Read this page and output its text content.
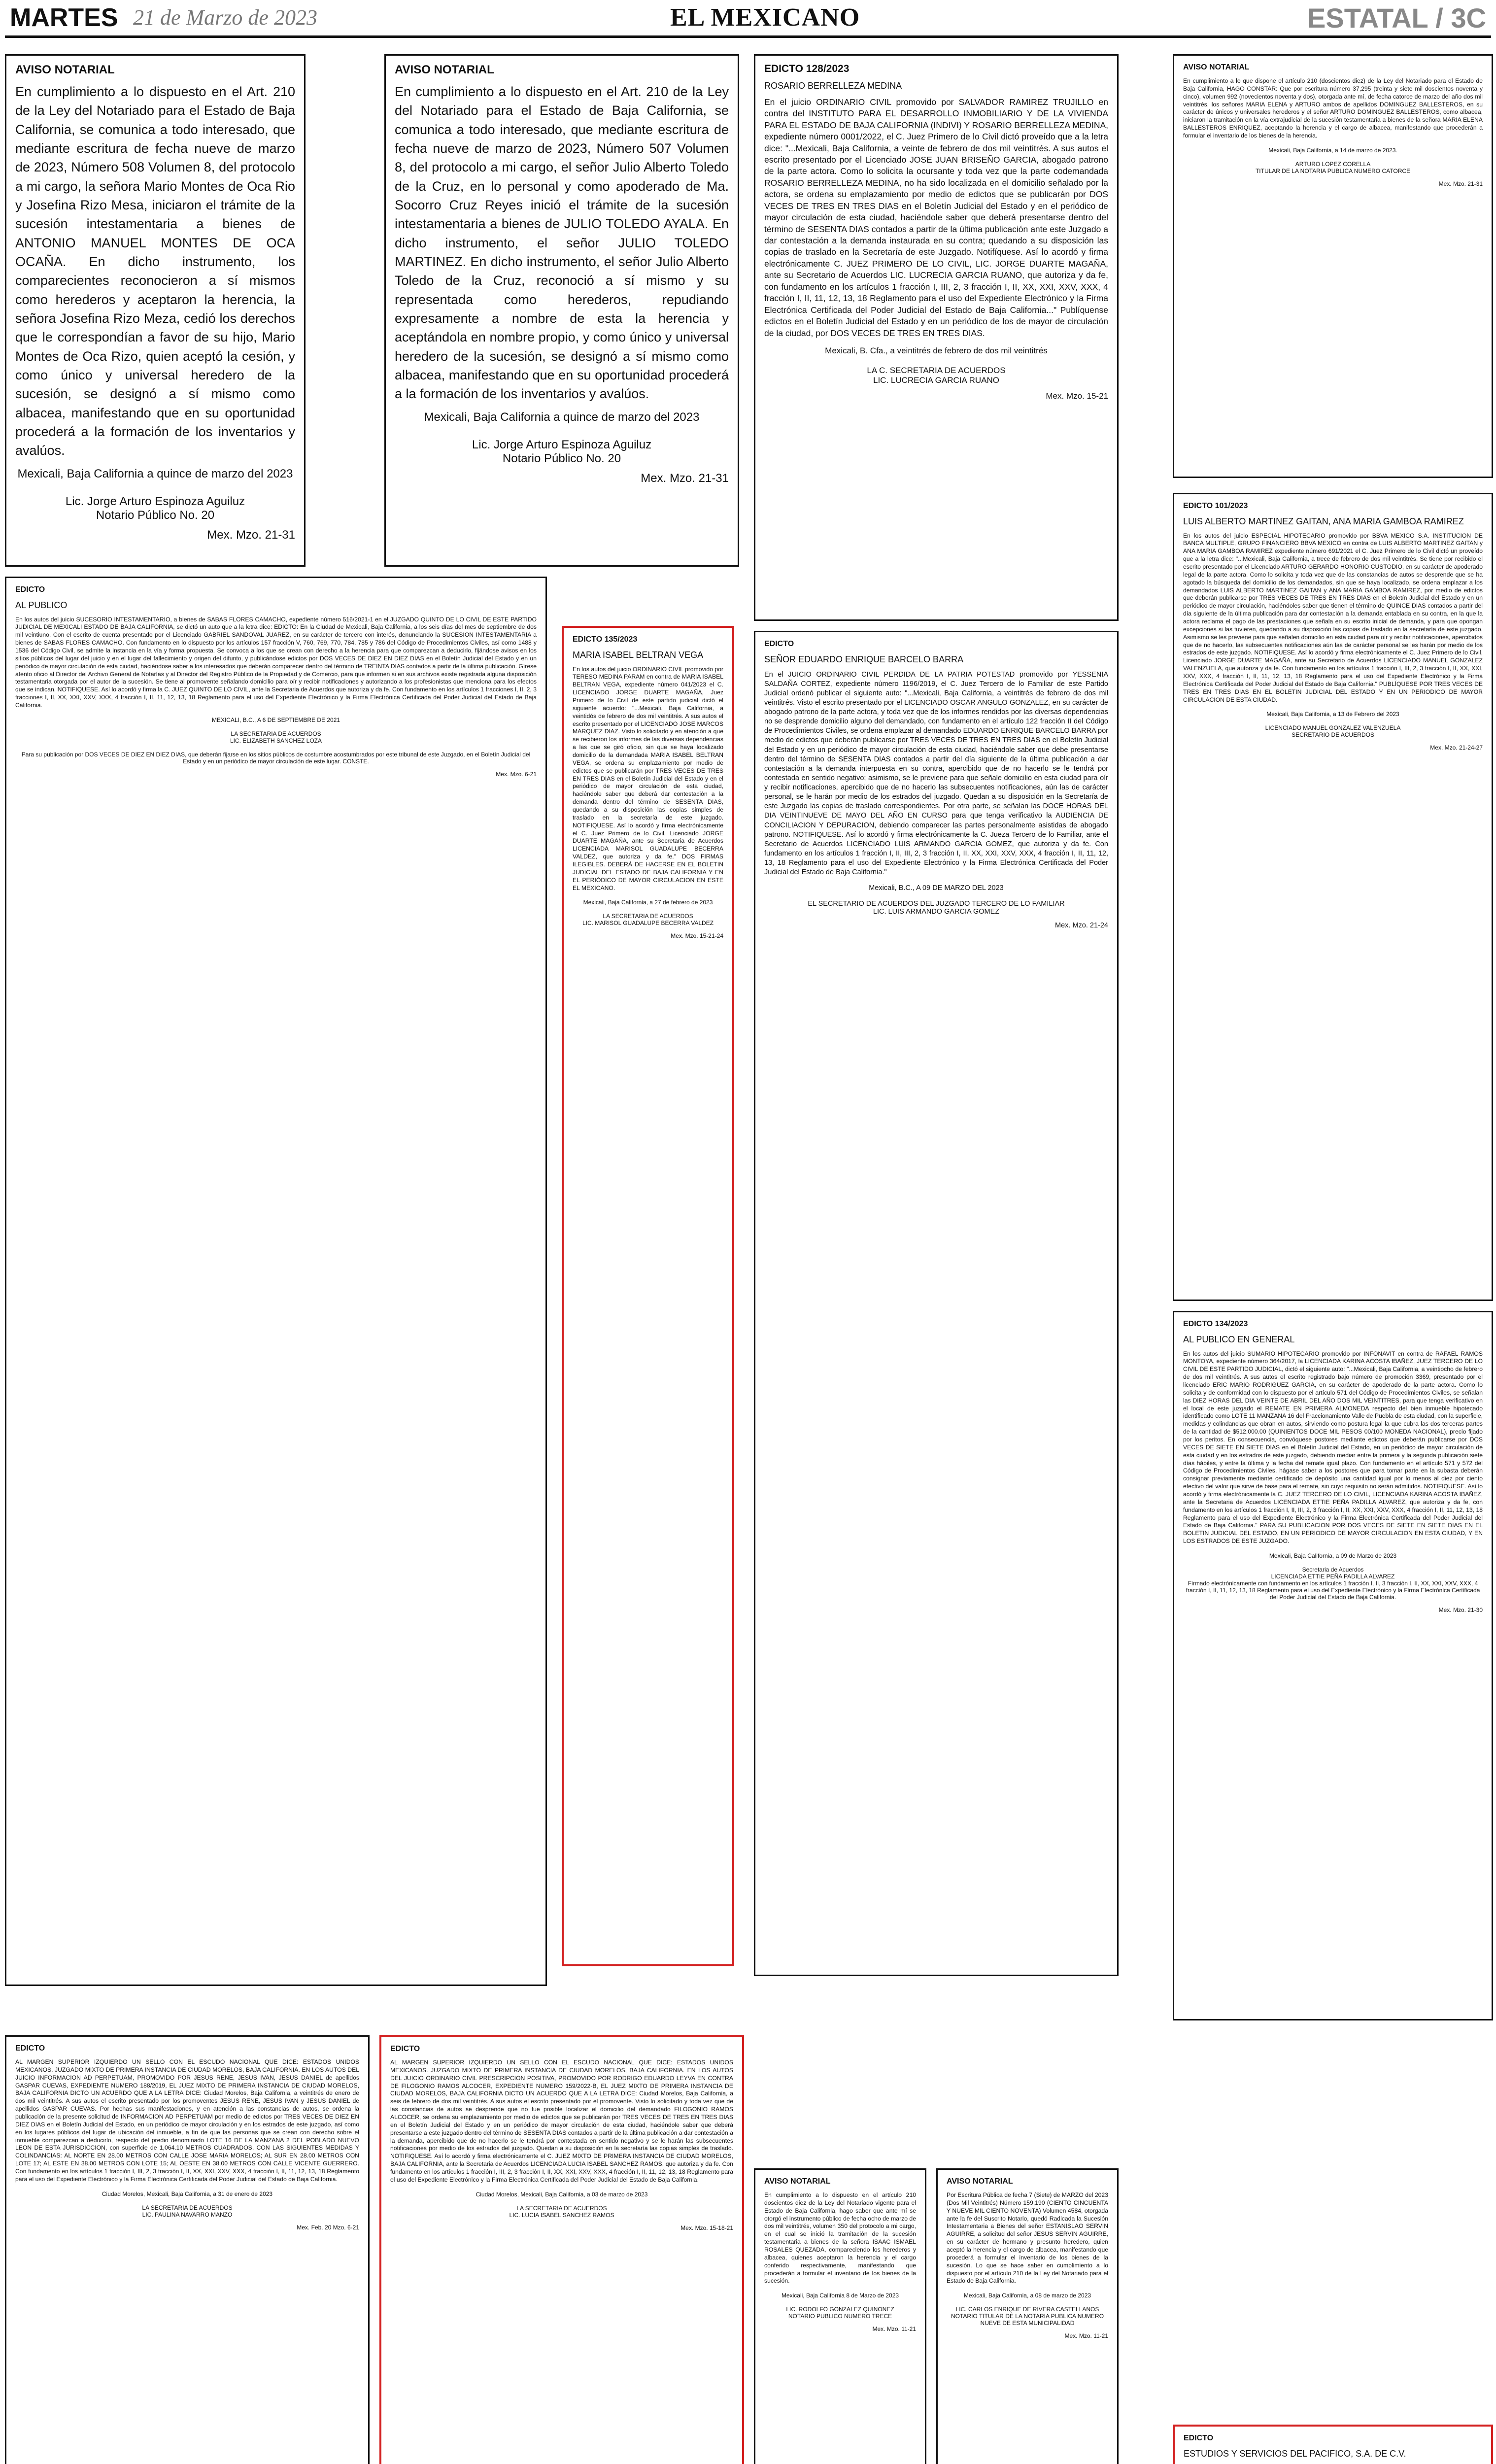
MARTES 21 de Marzo de 2023	EL MEXICANO	ESTATAL / 3C
AVISO NOTARIAL
En cumplimiento a lo dispuesto en el Art. 210 de la Ley del Notariado para el Estado de Baja California, se comunica a todo interesado, que mediante escritura de fecha nueve de marzo de 2023, Número 508 Volumen 8, del protocolo a mi cargo, la señora Mario Montes de Oca Rio y Josefina Rizo Mesa, iniciaron el trámite de la sucesión intestamentaria a bienes de ANTONIO MANUEL MONTES DE OCA OCAÑA. En dicho instrumento, los comparecientes reconocieron a sí mismos como herederos y aceptaron la herencia, la señora Josefina Rizo Meza, cedió los derechos que le correspondían a favor de su hijo, Mario Montes de Oca Rizo, quien aceptó la cesión, y como único y universal heredero de la sucesión, se designó a sí mismo como albacea, manifestando que en su oportunidad procederá a la formación de los inventarios y avalúos.
Mexicali, Baja California a quince de marzo del 2023

Lic. Jorge Arturo Espinoza Aguiluz
Notario Público No. 20
Mex. Mzo. 21-31
AVISO NOTARIAL
En cumplimiento a lo dispuesto en el Art. 210 de la Ley del Notariado para el Estado de Baja California, se comunica a todo interesado, que mediante escritura de fecha nueve de marzo de 2023, Número 507 Volumen 8, del protocolo a mi cargo, el señor Julio Alberto Toledo de la Cruz, en lo personal y como apoderado de Ma. Socorro Cruz Reyes inició el trámite de la sucesión intestamentaria a bienes de JULIO TOLEDO AYALA. En dicho instrumento, el señor JULIO TOLEDO MARTINEZ. En dicho instrumento, el señor Julio Alberto Toledo de la Cruz, reconoció a sí mismo y su representada como herederos, repudiando expresamente a nombre de esta la herencia y aceptándola en nombre propio, y como único y universal heredero de la sucesión, se designó a sí mismo como albacea, manifestando que en su oportunidad procederá a la formación de los inventarios y avalúos.
Mexicali, Baja California a quince de marzo del 2023

Lic. Jorge Arturo Espinoza Aguiluz
Notario Público No. 20
Mex. Mzo. 21-31
EDICTO 128/2023
ROSARIO BERRELLEZA MEDINA
En el juicio ORDINARIO CIVIL promovido por SALVADOR RAMIREZ TRUJILLO en contra del INSTITUTO PARA EL DESARROLLO INMOBILIARIO Y DE LA VIVIENDA PARA EL ESTADO DE BAJA CALIFORNIA (INDIVI) Y ROSARIO BERRELLEZA MEDINA, expediente número 0001/2022, el C. Juez Primero de lo Civil dictó proveído que a la letra dice: "...Mexicali, Baja California, a veinte de febrero de dos mil veintitrés. A sus autos el escrito presentado por el Licenciado JOSE JUAN BRISEÑO GARCIA, abogado patrono de la parte actora. Como lo solicita la ocursante y toda vez que la parte codemandada ROSARIO BERRELLEZA MEDINA, no ha sido localizada en el domicilio señalado por la actora, se ordena su emplazamiento por medio de edictos que se publicarán por DOS VECES DE TRES EN TRES DIAS en el Boletín Judicial del Estado y en el periódico de mayor circulación de esta ciudad, haciéndole saber que deberá presentarse dentro del término de SESENTA DIAS contados a partir de la última publicación ante este Juzgado a dar contestación a la demanda instaurada en su contra; quedando a su disposición las copias de traslado en la Secretaría de este Juzgado. Notifíquese. Así lo acordó y firma electrónicamente C. JUEZ PRIMERO DE LO CIVIL, LIC. JORGE DUARTE MAGAÑA, ante su Secretario de Acuerdos LIC. LUCRECIA GARCIA RUANO, que autoriza y da fe, con fundamento en los artículos 1 fracción I, III, 2, 3 fracción I, II, XX, XXI, XXV, XXX, 4 fracción I, II, 11, 12, 13, 18 Reglamento para el uso del Expediente Electrónico y la Firma Electrónica Certificada del Poder Judicial del Estado de Baja California..." Publíquense edictos en el Boletín Judicial del Estado y en un periódico de los de mayor de circulación de la ciudad, por DOS VECES DE TRES EN TRES DIAS.
Mexicali, B. Cfa., a veintitrés de febrero de dos mil veintitrés

LA C. SECRETARIA DE ACUERDOS
LIC. LUCRECIA GARCIA RUANO
Mex. Mzo. 15-21
AVISO NOTARIAL
En cumplimiento a lo que dispone el artículo 210 (doscientos diez) de la Ley del Notariado para el Estado de Baja California, HAGO CONSTAR: Que por escritura número 37,295 (treinta y siete mil doscientos noventa y cinco), volumen 992 (novecientos noventa y dos), otorgada ante mí, de fecha catorce de marzo del año dos mil veintitrés, los señores MARIA ELENA y ARTURO ambos de apellidos DOMINGUEZ BALLESTEROS, en su carácter de únicos y universales herederos y el señor ARTURO DOMINGUEZ BALLESTEROS, como albacea, iniciaron la tramitación en la vía extrajudicial de la sucesión testamentaria a bienes de la señora MARIA ELENA BALLESTEROS ENRIQUEZ, aceptando la herencia y el cargo de albacea, manifestando que procederán a formular el inventario de los bienes de la herencia.
Mexicali, Baja California, a 14 de marzo de 2023.

ARTURO LOPEZ CORELLA
TITULAR DE LA NOTARIA PUBLICA NUMERO CATORCE
Mex. Mzo. 21-31
EDICTO
AL PUBLICO
En los autos del juicio SUCESORIO INTESTAMENTARIO, a bienes de SABAS FLORES CAMACHO, expediente número 516/2021-1 en el JUZGADO QUINTO DE LO CIVIL DE ESTE PARTIDO JUDICIAL DE MEXICALI ESTADO DE BAJA CALIFORNIA, se dictó un auto que a la letra dice: EDICTO: En la Ciudad de Mexicali, Baja California, a los seis días del mes de septiembre de dos mil veintiuno. Con el escrito de cuenta presentado por el Licenciado GABRIEL SANDOVAL JUAREZ, en su carácter de tercero con interés, denunciando la SUCESION INTESTAMENTARIA a bienes de SABAS FLORES CAMACHO. Con fundamento en lo dispuesto por los artículos 157 fracción V, 760, 769, 770, 784, 785 y 786 del Código de Procedimientos Civiles, así como 1488 y 1536 del Código Civil, se admite la instancia en la vía y forma propuesta. Se convoca a los que se crean con derecho a la herencia para que comparezcan a deducirlo, fijándose avisos en los sitios públicos del lugar del juicio y en el lugar del fallecimiento y origen del difunto, y publicándose edictos por DOS VECES DE DIEZ EN DIEZ DIAS en el Boletín Judicial del Estado y en un periódico de mayor circulación de esta ciudad, haciéndose saber a los interesados que deberán comparecer dentro del término de TREINTA DIAS contados a partir de la última publicación. Gírese atento oficio al Director del Archivo General de Notarías y al Director del Registro Público de la Propiedad y de Comercio, para que informen si en sus archivos existe registrada alguna disposición testamentaria otorgada por el autor de la sucesión. Se tiene al promovente señalando domicilio para oír y recibir notificaciones y autorizando a los profesionistas que menciona para los efectos que se indican. NOTIFIQUESE. Así lo acordó y firma la C. JUEZ QUINTO DE LO CIVIL, ante la Secretaria de Acuerdos que autoriza y da fe. Con fundamento en los artículos 1 fracciones I, II, 2, 3 fracciones I, II, XX, XXI, XXV, XXX, 4 fracción I, II, 11, 12, 13, 18 Reglamento para el uso del Expediente Electrónico y la Firma Electrónica Certificada del Poder Judicial del Estado de Baja California.
MEXICALI, B.C., A 6 DE SEPTIEMBRE DE 2021

LA SECRETARIA DE ACUERDOS
LIC. ELIZABETH SANCHEZ LOZA

Para su publicación por DOS VECES DE DIEZ EN DIEZ DIAS, que deberán fijarse en los sitios públicos de costumbre acostumbrados por este tribunal de este Juzgado, en el Boletín Judicial del Estado y en un periódico de mayor circulación de este lugar. CONSTE.
Mex. Mzo. 6-21
EDICTO 135/2023
MARIA ISABEL BELTRAN VEGA
En los autos del juicio ORDINARIO CIVIL promovido por TERESO MEDINA PARAM en contra de MARIA ISABEL BELTRAN VEGA, expediente número 041/2023 el C. LICENCIADO JORGE DUARTE MAGAÑA, Juez Primero de lo Civil de este partido judicial dictó el siguiente acuerdo: "...Mexicali, Baja California, a veintidós de febrero de dos mil veintitrés. A sus autos el escrito presentado por el LICENCIADO JOSE MARCOS MARQUEZ DIAZ. Visto lo solicitado y en atención a que se recibieron los informes de las diversas dependencias a las que se giró oficio, sin que se haya localizado domicilio de la demandada MARIA ISABEL BELTRAN VEGA, se ordena su emplazamiento por medio de edictos que se publicarán por TRES VECES DE TRES EN TRES DIAS en el Boletín Judicial del Estado y en el periódico de mayor circulación de esta ciudad, haciéndole saber que deberá dar contestación a la demanda dentro del término de SESENTA DIAS, quedando a su disposición las copias simples de traslado en la secretaría de este juzgado. NOTIFIQUESE. Así lo acordó y firma electrónicamente el C. Juez Primero de lo Civil, Licenciado JORGE DUARTE MAGAÑA, ante su Secretaria de Acuerdos LICENCIADA MARISOL GUADALUPE BECERRA VALDEZ, que autoriza y da fe." DOS FIRMAS ILEGIBLES. DEBERÁ DE HACERSE EN EL BOLETIN JUDICIAL DEL ESTADO DE BAJA CALIFORNIA Y EN EL PERIÓDICO DE MAYOR CIRCULACION EN ESTE EL MEXICANO.
Mexicali, Baja California, a 27 de febrero de 2023

LA SECRETARIA DE ACUERDOS
LIC. MARISOL GUADALUPE BECERRA VALDEZ
Mex. Mzo. 15-21-24
EDICTO
SEÑOR EDUARDO ENRIQUE BARCELO BARRA
En el JUICIO ORDINARIO CIVIL PERDIDA DE LA PATRIA POTESTAD promovido por YESSENIA SALDAÑA CORTEZ, expediente número 1196/2019, el C. Juez Tercero de lo Familiar de este Partido Judicial ordenó publicar el siguiente auto: "...Mexicali, Baja California, a veintitrés de febrero de dos mil veintitrés. Visto el escrito presentado por el LICENCIADO OSCAR ANGULO GONZALEZ, en su carácter de abogado patrono de la parte actora, y toda vez que de los informes rendidos por las diversas dependencias no se desprende domicilio alguno del demandado, con fundamento en el artículo 122 fracción II del Código de Procedimientos Civiles, se ordena emplazar al demandado EDUARDO ENRIQUE BARCELO BARRA por medio de edictos que deberán publicarse por TRES VECES DE TRES EN TRES DIAS en el Boletín Judicial del Estado y en un periódico de mayor circulación de esta ciudad, haciéndole saber que debe presentarse dentro del término de SESENTA DIAS contados a partir del día siguiente de la última publicación a dar contestación a la demanda interpuesta en su contra, apercibido que de no hacerlo se le tendrá por contestada en sentido negativo; asimismo, se le previene para que señale domicilio en esta ciudad para oír y recibir notificaciones, apercibido que de no hacerlo las subsecuentes notificaciones, aún las de carácter personal, se le harán por medio de los estrados del juzgado. Quedan a su disposición en la Secretaría de este Juzgado las copias de traslado correspondientes. Por otra parte, se señalan las DOCE HORAS DEL DIA VEINTINUEVE DE MAYO DEL AÑO EN CURSO para que tenga verificativo la AUDIENCIA DE CONCILIACION Y DEPURACION, debiendo comparecer las partes personalmente asistidas de abogado patrono. NOTIFIQUESE. Así lo acordó y firma electrónicamente la C. Jueza Tercero de lo Familiar, ante el Secretario de Acuerdos LICENCIADO LUIS ARMANDO GARCIA GOMEZ, que autoriza y da fe. Con fundamento en los artículos 1 fracción I, II, III, 2, 3 fracción I, II, XX, XXI, XXV, XXX, 4 fracción I, II, 11, 12, 13, 18 Reglamento para el uso del Expediente Electrónico y la Firma Electrónica Certificada del Poder Judicial del Estado de Baja California."
Mexicali, B.C., A 09 DE MARZO DEL 2023

EL SECRETARIO DE ACUERDOS DEL JUZGADO TERCERO DE LO FAMILIAR
LIC. LUIS ARMANDO GARCIA GOMEZ
Mex. Mzo. 21-24
EDICTO 101/2023
LUIS ALBERTO MARTINEZ GAITAN, ANA MARIA GAMBOA RAMIREZ
En los autos del juicio ESPECIAL HIPOTECARIO promovido por BBVA MEXICO S.A. INSTITUCION DE BANCA MULTIPLE, GRUPO FINANCIERO BBVA MEXICO en contra de LUIS ALBERTO MARTINEZ GAITAN y ANA MARIA GAMBOA RAMIREZ expediente número 691/2021 el C. Juez Primero de lo Civil dictó un proveído que a la letra dice: "...Mexicali, Baja California, a trece de febrero de dos mil veintitrés. Se tiene por recibido el escrito presentado por el Licenciado ARTURO GERARDO HONORIO CUSTODIO, en su carácter de apoderado legal de la parte actora. Como lo solicita y toda vez que de las constancias de autos se desprende que se ha agotado la búsqueda del domicilio de los demandados, sin que se haya localizado, se ordena emplazar a los demandados LUIS ALBERTO MARTINEZ GAITAN y ANA MARIA GAMBOA RAMIREZ, por medio de edictos que deberán publicarse por TRES VECES DE TRES EN TRES DIAS en el Boletín Judicial del Estado y en un periódico de mayor circulación, haciéndoles saber que tienen el término de QUINCE DIAS contados a partir del día siguiente de la última publicación para dar contestación a la demanda entablada en su contra, en la que la actora reclama el pago de las prestaciones que señala en su escrito inicial de demanda, y para que opongan excepciones si las tuvieren, quedando a su disposición las copias de traslado en la secretaría de este juzgado. Asimismo se les previene para que señalen domicilio en esta ciudad para oír y recibir notificaciones, apercibidos que de no hacerlo, las subsecuentes notificaciones aún las de carácter personal se les harán por medio de los estrados de este juzgado. NOTIFIQUESE. Así lo acordó y firma electrónicamente el C. Juez Primero de lo Civil, Licenciado JORGE DUARTE MAGAÑA, ante su Secretario de Acuerdos LICENCIADO MANUEL GONZALEZ VALENZUELA, que autoriza y da fe. Con fundamento en los artículos 1 fracción I, III, 2, 3 fracción I, II, XX, XXI, XXV, XXX, 4 fracción I, II, 11, 12, 13, 18 Reglamento para el uso del Expediente Electrónico y la Firma Electrónica Certificada del Poder Judicial del Estado de Baja California." PUBLÍQUESE POR TRES VECES DE TRES EN TRES DIAS EN EL BOLETIN JUDICIAL DEL ESTADO Y EN UN PERIODICO DE MAYOR CIRCULACION DE ESTA CIUDAD.
Mexicali, Baja California, a 13 de Febrero del 2023

LICENCIADO MANUEL GONZALEZ VALENZUELA
SECRETARIO DE ACUERDOS
Mex. Mzo. 21-24-27
EDICTO 134/2023
AL PUBLICO EN GENERAL
En los autos del juicio SUMARIO HIPOTECARIO promovido por INFONAVIT en contra de RAFAEL RAMOS MONTOYA, expediente número 364/2017, la LICENCIADA KARINA ACOSTA IBAÑEZ, JUEZ TERCERO DE LO CIVIL DE ESTE PARTIDO JUDICIAL, dictó el siguiente auto: "...Mexicali, Baja California, a veintiocho de febrero de dos mil veintitrés. A sus autos el escrito registrado bajo número de promoción 3369, presentado por el licenciado ERIC MARIO RODRIGUEZ GARCIA, en su carácter de apoderado de la parte actora. Como lo solicita y de conformidad con lo dispuesto por el artículo 571 del Código de Procedimientos Civiles, se señalan las DIEZ HORAS DEL DIA VEINTE DE ABRIL DEL AÑO DOS MIL VEINTITRES, para que tenga verificativo en el local de este juzgado el REMATE EN PRIMERA ALMONEDA respecto del bien inmueble hipotecado identificado como LOTE 11 MANZANA 16 del Fraccionamiento Valle de Puebla de esta ciudad, con la superficie, medidas y colindancias que obran en autos, sirviendo como postura legal la que cubra las dos terceras partes de la cantidad de $512,000.00 (QUINIENTOS DOCE MIL PESOS 00/100 MONEDA NACIONAL), precio fijado por los peritos. En consecuencia, convóquese postores mediante edictos que deberán publicarse por DOS VECES DE SIETE EN SIETE DIAS en el Boletín Judicial del Estado, en un periódico de mayor circulación de esta ciudad y en los estrados de este juzgado, debiendo mediar entre la primera y la segunda publicación siete días hábiles, y entre la última y la fecha del remate igual plazo. Con fundamento en el artículo 571 y 572 del Código de Procedimientos Civiles, hágase saber a los postores que para tomar parte en la subasta deberán consignar previamente mediante certificado de depósito una cantidad igual por lo menos al diez por ciento efectivo del valor que sirve de base para el remate, sin cuyo requisito no serán admitidos. NOTIFIQUESE. Así lo acordó y firma electrónicamente la C. JUEZ TERCERO DE LO CIVIL, LICENCIADA KARINA ACOSTA IBAÑEZ, ante la Secretaria de Acuerdos LICENCIADA ETTIE PEÑA PADILLA ALVAREZ, que autoriza y da fe, con fundamento en los artículos 1 fracción I, II, III, 2, 3 fracción I, II, XX, XXI, XXV, XXX, 4 fracción I, II, 11, 12, 13, 18 Reglamento para el uso del Expediente Electrónico y la Firma Electrónica Certificada del Poder Judicial del Estado de Baja California." PARA SU PUBLICACION POR DOS VECES DE SIETE EN SIETE DIAS EN EL BOLETIN JUDICIAL DEL ESTADO, EN UN PERIODICO DE MAYOR CIRCULACION EN ESTA CIUDAD, Y EN LOS ESTRADOS DE ESTE JUZGADO.
Mexicali, Baja California, a 09 de Marzo de 2023

Secretaria de Acuerdos
LICENCIADA ETTIE PEÑA PADILLA ALVAREZ
Firmado electrónicamente con fundamento en los artículos 1 fracción I, II, 3 fracción I, II, XX, XXI, XXV, XXX, 4 fracción I, II, 11, 12, 13, 18 Reglamento para el uso del Expediente Electrónico y la Firma Electrónica Certificada del Poder Judicial del Estado de Baja California.
Mex. Mzo. 21-30
EDICTO
AL MARGEN SUPERIOR IZQUIERDO UN SELLO CON EL ESCUDO NACIONAL QUE DICE: ESTADOS UNIDOS MEXICANOS. JUZGADO MIXTO DE PRIMERA INSTANCIA DE CIUDAD MORELOS, BAJA CALIFORNIA. EN LOS AUTOS DEL JUICIO INFORMACION AD PERPETUAM, PROMOVIDO POR JESUS RENE, JESUS IVAN, JESUS DANIEL de apellidos GASPAR CUEVAS, EXPEDIENTE NUMERO 188/2019, EL JUEZ MIXTO DE PRIMERA INSTANCIA DE CIUDAD MORELOS, BAJA CALIFORNIA DICTO UN ACUERDO QUE A LA LETRA DICE: Ciudad Morelos, Baja California, a veintitrés de enero de dos mil veintitrés. A sus autos el escrito presentado por los promoventes JESUS RENE, JESUS IVAN y JESUS DANIEL de apellidos GASPAR CUEVAS. Por hechas sus manifestaciones, y en atención a las constancias de autos, se ordena la publicación de la presente solicitud de INFORMACION AD PERPETUAM por medio de edictos por TRES VECES DE DIEZ EN DIEZ DIAS en el Boletín Judicial del Estado, en un periódico de mayor circulación y en los estrados de este juzgado, así como en los lugares públicos del lugar de ubicación del inmueble, a fin de que las personas que se crean con derecho sobre el inmueble comparezcan a deducirlo, respecto del predio denominado LOTE 16 DE LA MANZANA 2 DEL POBLADO NUEVO LEON DE ESTA JURISDICCION, con superficie de 1,064.10 METROS CUADRADOS, CON LAS SIGUIENTES MEDIDAS Y COLINDANCIAS: AL NORTE EN 28.00 METROS CON CALLE JOSE MARIA MORELOS; AL SUR EN 28.00 METROS CON LOTE 17; AL ESTE EN 38.00 METROS CON LOTE 15; AL OESTE EN 38.00 METROS CON CALLE VICENTE GUERRERO. Con fundamento en los artículos 1 fracción I, III, 2, 3 fracción I, II, XX, XXI, XXV, XXX, 4 fracción I, II, 11, 12, 13, 18 Reglamento para el uso del Expediente Electrónico y la Firma Electrónica Certificada del Poder Judicial del Estado de Baja California.
Ciudad Morelos, Mexicali, Baja California, a 31 de enero de 2023

LA SECRETARIA DE ACUERDOS
LIC. PAULINA NAVARRO MANZO
Mex. Feb. 20 Mzo. 6-21
EDICTO
AL MARGEN SUPERIOR IZQUIERDO UN SELLO CON EL ESCUDO NACIONAL QUE DICE: ESTADOS UNIDOS MEXICANOS. JUZGADO MIXTO DE PRIMERA INSTANCIA DE CIUDAD MORELOS, BAJA CALIFORNIA. EN LOS AUTOS DEL JUICIO ORDINARIO CIVIL PRESCRIPCION POSITIVA, PROMOVIDO POR RODRIGO EDUARDO LEYVA EN CONTRA DE FILOGONIO RAMOS ALCOCER, EXPEDIENTE NUMERO 159/2022-B, EL JUEZ MIXTO DE PRIMERA INSTANCIA DE CIUDAD MORELOS, BAJA CALIFORNIA DICTO UN ACUERDO QUE A LA LETRA DICE: Ciudad Morelos, Baja California, a seis de febrero de dos mil veintitrés. A sus autos el escrito presentado por el promovente. Visto lo solicitado y toda vez que de las constancias de autos se desprende que no fue posible localizar el domicilio del demandado FILOGONIO RAMOS ALCOCER, se ordena su emplazamiento por medio de edictos que se publicarán por TRES VECES DE TRES EN TRES DIAS en el Boletín Judicial del Estado y en un periódico de mayor circulación de esta ciudad, haciéndole saber que deberá presentarse a este juzgado dentro del término de SESENTA DIAS contados a partir de la última publicación a dar contestación a la demanda, apercibido que de no hacerlo se le tendrá por contestada en sentido negativo y se le harán las subsecuentes notificaciones por medio de los estrados del juzgado. Quedan a su disposición en la secretaría las copias simples de traslado. NOTIFIQUESE. Así lo acordó y firma electrónicamente el C. JUEZ MIXTO DE PRIMERA INSTANCIA DE CIUDAD MORELOS, BAJA CALIFORNIA, ante la Secretaria de Acuerdos LICENCIADA LUCIA ISABEL SANCHEZ RAMOS, que autoriza y da fe. Con fundamento en los artículos 1 fracción I, III, 2, 3 fracción I, II, XX, XXI, XXV, XXX, 4 fracción I, II, 11, 12, 13, 18 Reglamento para el uso del Expediente Electrónico y la Firma Electrónica Certificada del Poder Judicial del Estado de Baja California.
Ciudad Morelos, Mexicali, Baja California, a 03 de marzo de 2023

LA SECRETARIA DE ACUERDOS
LIC. LUCIA ISABEL SANCHEZ RAMOS
Mex. Mzo. 15-18-21
AVISO NOTARIAL
En cumplimiento a lo dispuesto en el artículo 210 doscientos diez de la Ley del Notariado vigente para el Estado de Baja California, hago saber que ante mí se otorgó el instrumento público de fecha ocho de marzo de dos mil veintitrés, volumen 350 del protocolo a mi cargo, en el cual se inició la tramitación de la sucesión testamentaria a bienes de la señora ISAAC ISMAEL ROSALES QUEZADA, compareciendo los herederos y albacea, quienes aceptaron la herencia y el cargo conferido respectivamente, manifestando que procederán a formular el inventario de los bienes de la sucesión.
Mexicali, Baja California 8 de Marzo de 2023

LIC. RODOLFO GONZALEZ QUINONEZ
NOTARIO PUBLICO NUMERO TRECE
Mex. Mzo. 11-21
AVISO NOTARIAL
Por Escritura Pública de fecha 7 (Siete) de MARZO del 2023 (Dos Mil Veintitrés) Número 159,190 (CIENTO CINCUENTA Y NUEVE MIL CIENTO NOVENTA) Volumen 4584, otorgada ante la fe del Suscrito Notario, quedó Radicada la Sucesión Intestamentaria a Bienes del señor ESTANISLAO SERVIN AGUIRRE, a solicitud del señor JESUS SERVIN AGUIRRE, en su carácter de hermano y presunto heredero, quien aceptó la herencia y el cargo de albacea, manifestando que procederá a formular el inventario de los bienes de la sucesión. Lo que se hace saber en cumplimiento a lo dispuesto por el artículo 210 de la Ley del Notariado para el Estado de Baja California.
Mexicali, Baja California, a 08 de marzo de 2023

LIC. CARLOS ENRIQUE DE RIVERA CASTELLANOS
NOTARIO TITULAR DE LA NOTARIA PUBLICA NUMERO NUEVE DE ESTA MUNICIPALIDAD
Mex. Mzo. 11-21
EDICTO
ESTUDIOS Y SERVICIOS DEL PACIFICO, S.A. DE C.V.
